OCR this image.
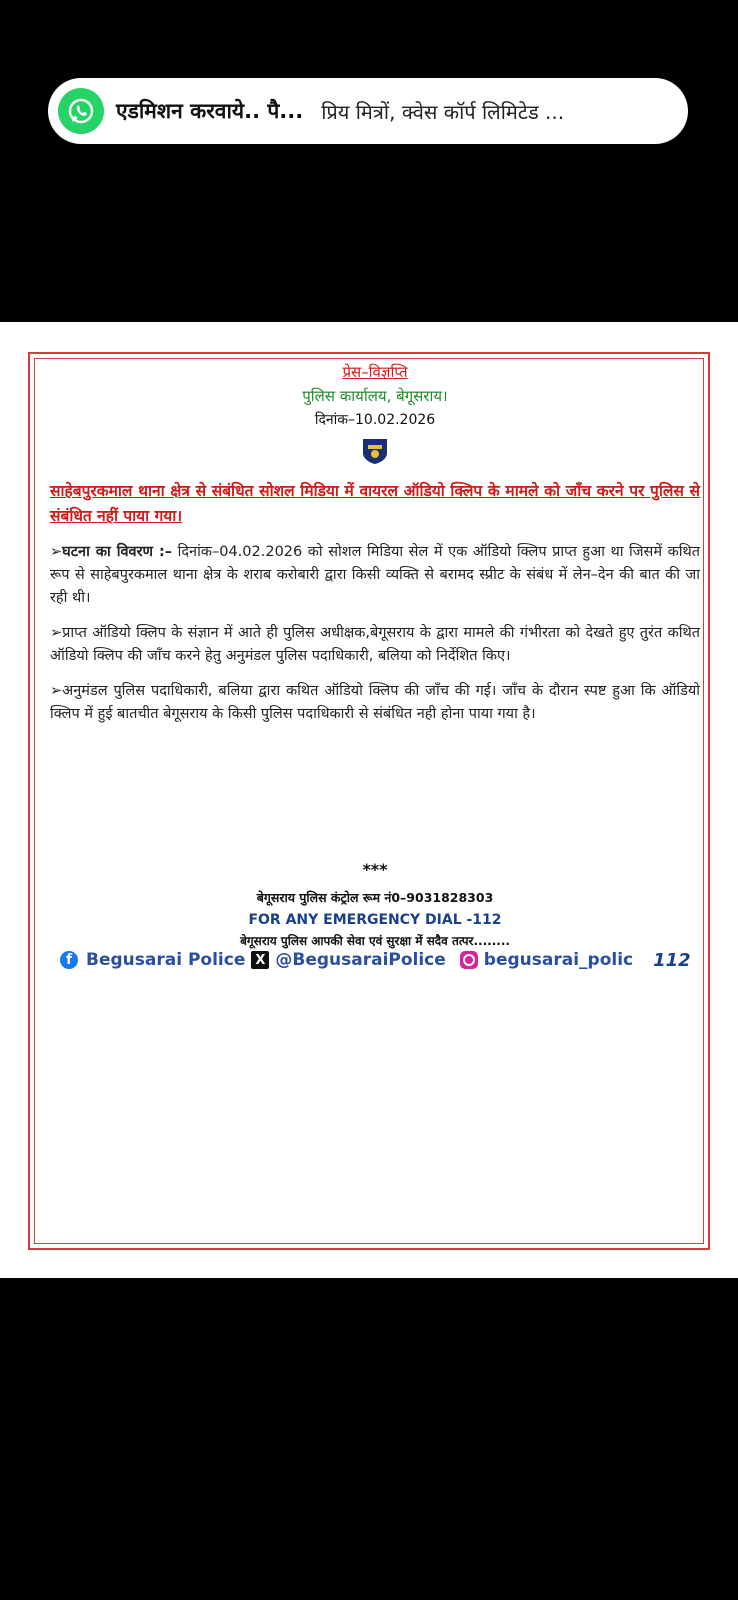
एडमिशन करवाये.. पै... प्रिय मित्रों, क्वेस कॉर्प लिमिटेड ...
प्रेस–विज्ञप्ति
पुलिस कार्यालय, बेगूसराय।
दिनांक–10.02.2026
साहेबपुरकमाल थाना क्षेत्र से संबंधित सोशल मिडिया में वायरल ऑडियो क्लिप के मामले को जाँच करने पर पुलिस से संबंधित नहीं पाया गया।
➢घटना का विवरण :– दिनांक–04.02.2026 को सोशल मिडिया सेल में एक ऑडियो क्लिप प्राप्त हुआ था जिसमें कथित रूप से साहेबपुरकमाल थाना क्षेत्र के शराब करोबारी द्वारा किसी व्यक्ति से बरामद स्प्रीट के संबंध में लेन–देन की बात की जा रही थी।
➢प्राप्त ऑडियो क्लिप के संज्ञान में आते ही पुलिस अधीक्षक,बेगूसराय के द्वारा मामले की गंभीरता को देखते हुए तुरंत कथित ऑडियो क्लिप की जाँच करने हेतु अनुमंडल पुलिस पदाधिकारी, बलिया को निर्देशित किए।
➢अनुमंडल पुलिस पदाधिकारी, बलिया द्वारा कथित ऑडियो क्लिप की जाँच की गई। जाँच के दौरान स्पष्ट हुआ कि ऑडियो क्लिप में हुई बातचीत बेगूसराय के किसी पुलिस पदाधिकारी से संबंधित नही होना पाया गया है।
***
बेगूसराय पुलिस कंट्रोल रूम नं0–9031828303
FOR ANY EMERGENCY DIAL -112
बेगूसराय पुलिस आपकी सेवा एवं सुरक्षा में सदैव तत्पर........
f Begusarai Police X @BegusaraiPolice begusarai_polic 112
